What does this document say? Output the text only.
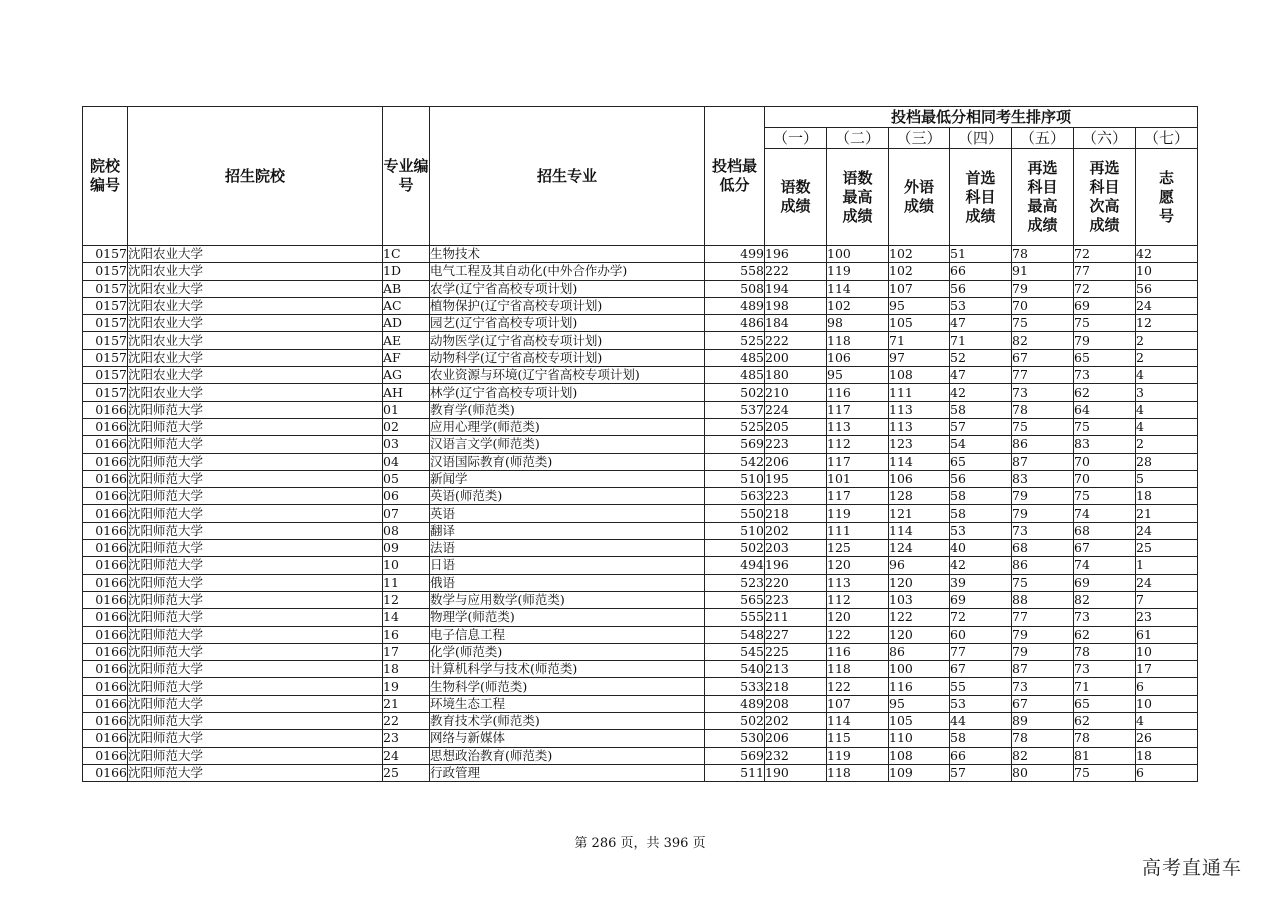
院校编号	招生院校	专业编号	招生专业	投档最低分	投档最低分相同考生排序项						
					（一）	（二）	（三）	（四）	（五）	（六）	（七）
					语数成绩	语数最高成绩	外语成绩	首选科目成绩	再选科目最高成绩	再选科目次高成绩	志愿号
0157	沈阳农业大学	1C	生物技术	499	196	100	102	51	78	72	42
0157	沈阳农业大学	1D	电气工程及其自动化(中外合作办学)	558	222	119	102	66	91	77	10
0157	沈阳农业大学	AB	农学(辽宁省高校专项计划)	508	194	114	107	56	79	72	56
0157	沈阳农业大学	AC	植物保护(辽宁省高校专项计划)	489	198	102	95	53	70	69	24
0157	沈阳农业大学	AD	园艺(辽宁省高校专项计划)	486	184	98	105	47	75	75	12
0157	沈阳农业大学	AE	动物医学(辽宁省高校专项计划)	525	222	118	71	71	82	79	2
0157	沈阳农业大学	AF	动物科学(辽宁省高校专项计划)	485	200	106	97	52	67	65	2
0157	沈阳农业大学	AG	农业资源与环境(辽宁省高校专项计划)	485	180	95	108	47	77	73	4
0157	沈阳农业大学	AH	林学(辽宁省高校专项计划)	502	210	116	111	42	73	62	3
0166	沈阳师范大学	01	教育学(师范类)	537	224	117	113	58	78	64	4
0166	沈阳师范大学	02	应用心理学(师范类)	525	205	113	113	57	75	75	4
0166	沈阳师范大学	03	汉语言文学(师范类)	569	223	112	123	54	86	83	2
0166	沈阳师范大学	04	汉语国际教育(师范类)	542	206	117	114	65	87	70	28
0166	沈阳师范大学	05	新闻学	510	195	101	106	56	83	70	5
0166	沈阳师范大学	06	英语(师范类)	563	223	117	128	58	79	75	18
0166	沈阳师范大学	07	英语	550	218	119	121	58	79	74	21
0166	沈阳师范大学	08	翻译	510	202	111	114	53	73	68	24
0166	沈阳师范大学	09	法语	502	203	125	124	40	68	67	25
0166	沈阳师范大学	10	日语	494	196	120	96	42	86	74	1
0166	沈阳师范大学	11	俄语	523	220	113	120	39	75	69	24
0166	沈阳师范大学	12	数学与应用数学(师范类)	565	223	112	103	69	88	82	7
0166	沈阳师范大学	14	物理学(师范类)	555	211	120	122	72	77	73	23
0166	沈阳师范大学	16	电子信息工程	548	227	122	120	60	79	62	61
0166	沈阳师范大学	17	化学(师范类)	545	225	116	86	77	79	78	10
0166	沈阳师范大学	18	计算机科学与技术(师范类)	540	213	118	100	67	87	73	17
0166	沈阳师范大学	19	生物科学(师范类)	533	218	122	116	55	73	71	6
0166	沈阳师范大学	21	环境生态工程	489	208	107	95	53	67	65	10
0166	沈阳师范大学	22	教育技术学(师范类)	502	202	114	105	44	89	62	4
0166	沈阳师范大学	23	网络与新媒体	530	206	115	110	58	78	78	26
0166	沈阳师范大学	24	思想政治教育(师范类)	569	232	119	108	66	82	81	18
0166	沈阳师范大学	25	行政管理	511	190	118	109	57	80	75	6
第 286 页，共 396 页
高考直通车
